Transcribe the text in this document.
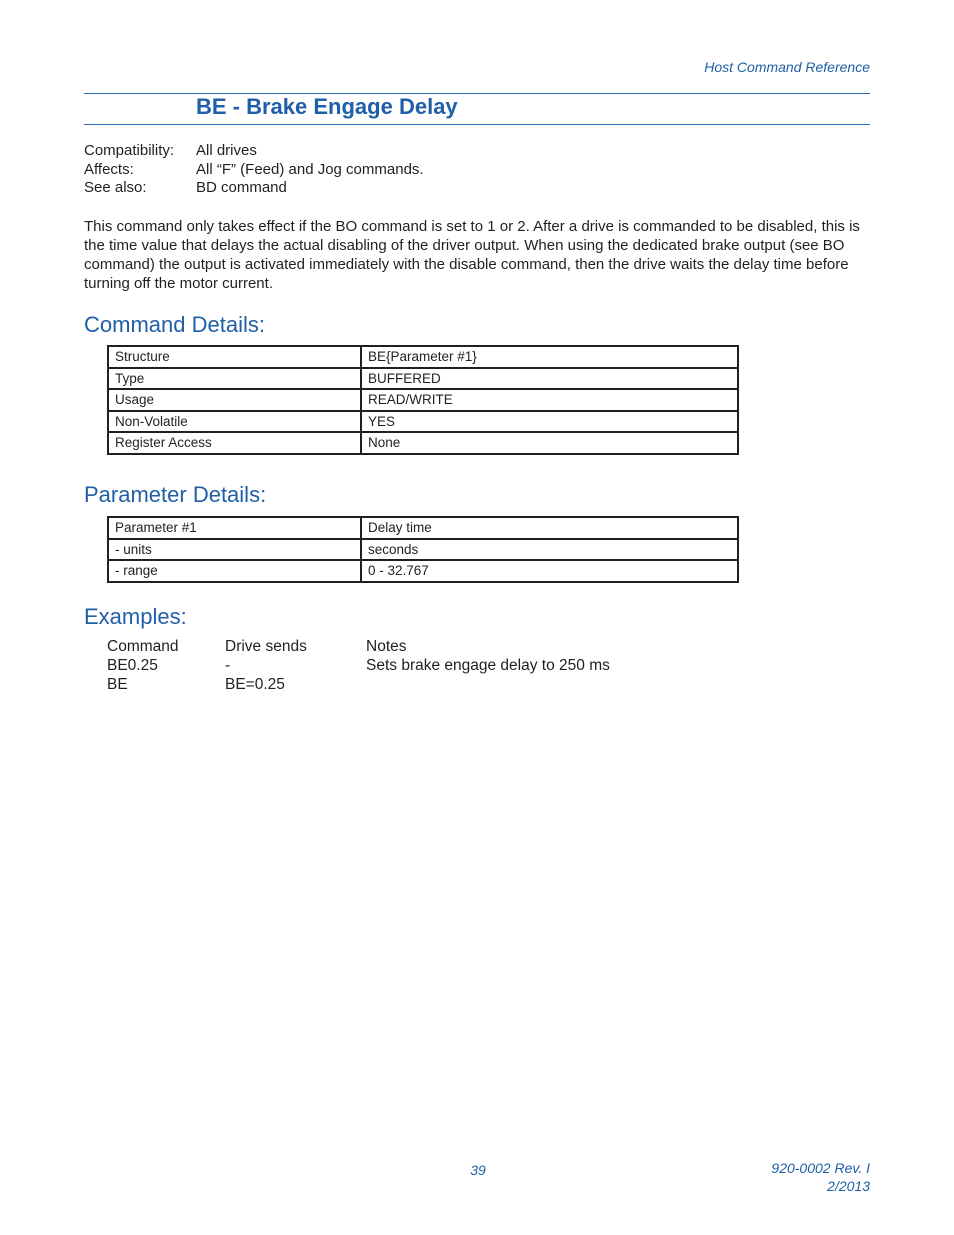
Host Command Reference
BE - Brake Engage Delay
Compatibility:	All drives
Affects:	All “F” (Feed) and Jog commands.
See also:	BD command
This command only takes effect if the BO command is set to 1 or 2. After a drive is commanded to be disabled, this is the time value that delays the actual disabling of the driver output. When using the dedicated brake output (see BO command) the output is activated immediately with the disable command, then the drive waits the delay time before turning off the motor current.
Command Details:
Structure	BE{Parameter #1}
Type	BUFFERED
Usage	READ/WRITE
Non-Volatile	YES
Register Access	None
Parameter Details:
Parameter #1	Delay time
- units	seconds
- range	0 - 32.767
Examples:
Command	Drive sends	Notes
BE0.25	-	Sets brake engage delay to 250 ms
BE	BE=0.25
39	920-0002 Rev. I
2/2013
